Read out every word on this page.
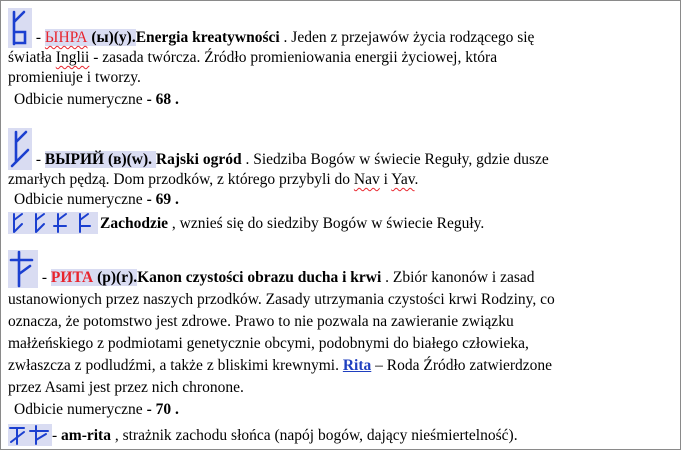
- ЫНРА (ы)(у).Energia kreatywności . Jeden z przejawów życia rodzącego się
światła Inglii - zasada twórcza. Źródło promieniowania energii życiowej, która
promieniuje i tworzy.
Odbicie numeryczne - 68 .
- ВЫРИЙ (в)(w). Rajski ogród . Siedziba Bogów w świecie Reguły, gdzie dusze
zmarłych pędzą. Dom przodków, z którego przybyli do Nav i Yav.
Odbicie numeryczne - 69 .
Zachodzie , wznieś się do siedziby Bogów w świecie Reguły.
- РИТА (р)(r).Kanon czystości obrazu ducha i krwi . Zbiór kanonów i zasad
ustanowionych przez naszych przodków. Zasady utrzymania czystości krwi Rodziny, co
oznacza, że potomstwo jest zdrowe. Prawo to nie pozwala na zawieranie związku
małżeńskiego z podmiotami genetycznie obcymi, podobnymi do białego człowieka,
zwłaszcza z podludźmi, a także z bliskimi krewnymi. Rita – Roda Źródło zatwierdzone
przez Asami jest przez nich chronone.
Odbicie numeryczne - 70 .
- am-rita , strażnik zachodu słońca (napój bogów, dający nieśmiertelność).
